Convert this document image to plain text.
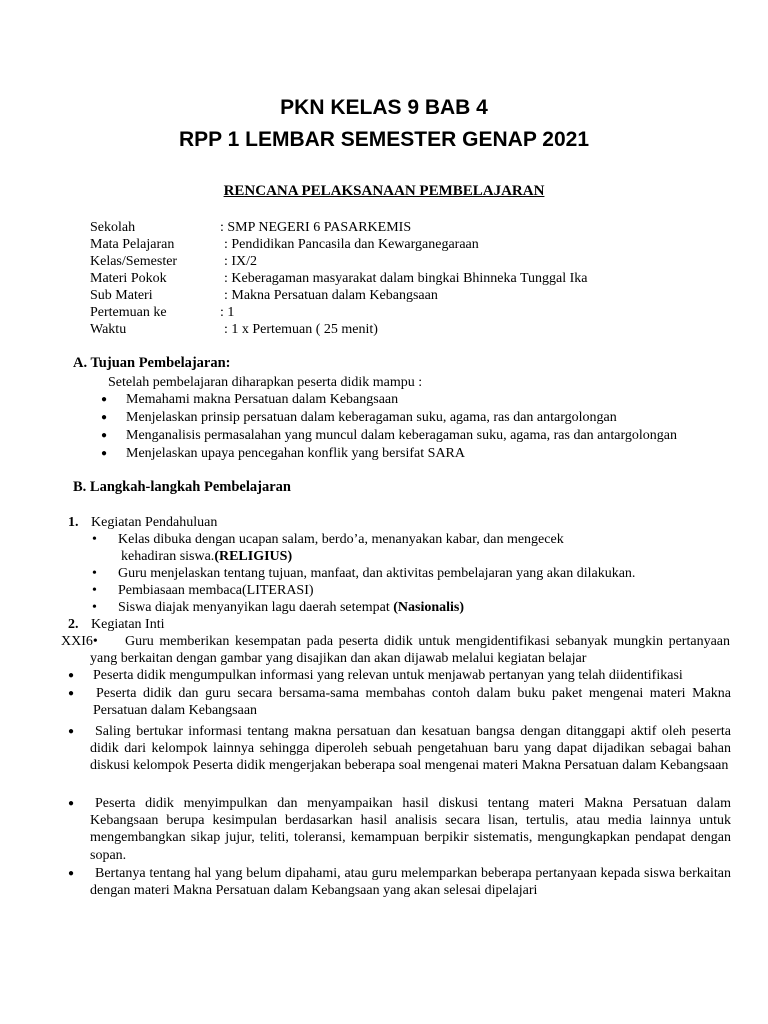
PKN KELAS 9 BAB 4
RPP 1 LEMBAR SEMESTER GENAP 2021
RENCANA PELAKSANAAN PEMBELAJARAN
Sekolah	: SMP NEGERI 6 PASARKEMIS
Mata Pelajaran	: Pendidikan Pancasila dan Kewarganegaraan
Kelas/Semester	: IX/2
Materi Pokok	: Keberagaman masyarakat dalam bingkai Bhinneka Tunggal Ika
Sub Materi	: Makna Persatuan dalam Kebangsaan
Pertemuan ke	: 1
Waktu	: 1 x Pertemuan ( 25 menit)
A. Tujuan Pembelajaran:
Setelah pembelajaran diharapkan peserta didik mampu :
● Memahami makna Persatuan dalam Kebangsaan
● Menjelaskan prinsip persatuan dalam keberagaman suku, agama, ras dan antargolongan
● Menganalisis permasalahan yang muncul dalam keberagaman suku, agama, ras dan antargolongan
● Menjelaskan upaya pencegahan konflik yang bersifat SARA
B. Langkah-langkah Pembelajaran
1. Kegiatan Pendahuluan
• Kelas dibuka dengan ucapan salam, berdo’a, menanyakan kabar, dan mengecek
kehadiran siswa.(RELIGIUS)
• Guru menjelaskan tentang tujuan, manfaat, dan aktivitas pembelajaran yang akan dilakukan.
• Pembiasaan membaca(LITERASI)
• Siswa diajak menyanyikan lagu daerah setempat (Nasionalis)
2. Kegiatan Inti
XXI6•	Guru memberikan kesempatan pada peserta didik untuk mengidentifikasi sebanyak mungkin pertanyaan yang berkaitan dengan gambar yang disajikan dan akan dijawab melalui kegiatan belajar
● Peserta didik mengumpulkan informasi yang relevan untuk menjawab pertanyan yang telah diidentifikasi
● Peserta didik dan guru secara bersama-sama membahas contoh dalam buku paket mengenai materi Makna Persatuan dalam Kebangsaan
●	Saling bertukar informasi tentang makna persatuan dan kesatuan bangsa dengan ditanggapi aktif oleh peserta didik dari kelompok lainnya sehingga diperoleh sebuah pengetahuan baru yang dapat dijadikan sebagai bahan diskusi kelompok Peserta didik mengerjakan beberapa soal mengenai materi Makna Persatuan dalam Kebangsaan
●	Peserta didik menyimpulkan dan menyampaikan hasil diskusi tentang materi Makna Persatuan dalam Kebangsaan berupa kesimpulan berdasarkan hasil analisis secara lisan, tertulis, atau media lainnya untuk mengembangkan sikap jujur, teliti, toleransi, kemampuan berpikir sistematis, mengungkapkan pendapat dengan sopan.
●	Bertanya tentang hal yang belum dipahami, atau guru melemparkan beberapa pertanyaan kepada siswa berkaitan dengan materi Makna Persatuan dalam Kebangsaan yang akan selesai dipelajari
